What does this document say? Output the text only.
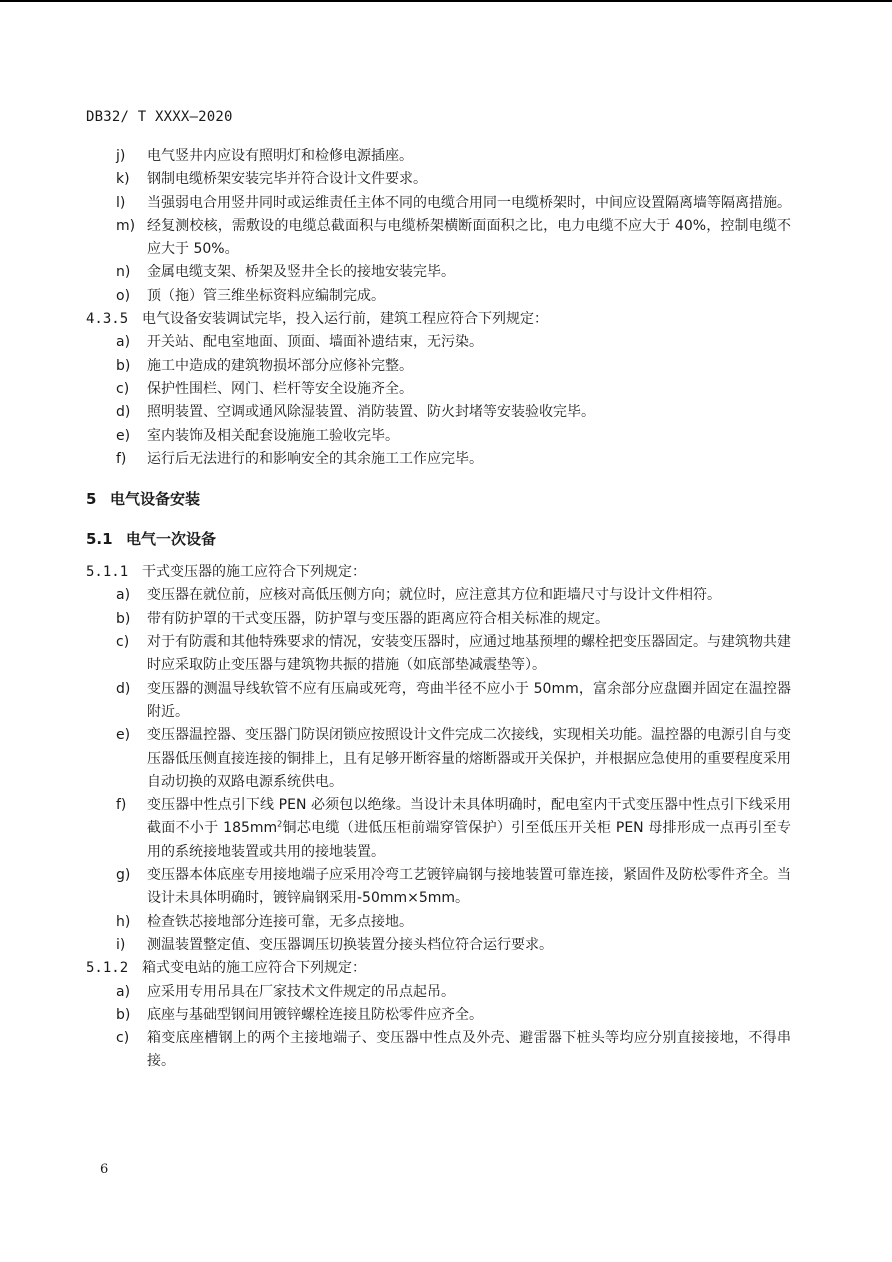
DB32/ T XXXX—2020
j) 电气竖井内应设有照明灯和检修电源插座。
k) 钢制电缆桥架安装完毕并符合设计文件要求。
l) 当强弱电合用竖井同时或运维责任主体不同的电缆合用同一电缆桥架时，中间应设置隔离墙等隔离措施。
m) 经复测校核，需敷设的电缆总截面积与电缆桥架横断面面积之比，电力电缆不应大于 40%，控制电缆不应大于 50%。
n) 金属电缆支架、桥架及竖井全长的接地安装完毕。
o) 顶（拖）管三维坐标资料应编制完成。
4.3.5 电气设备安装调试完毕，投入运行前，建筑工程应符合下列规定：
a) 开关站、配电室地面、顶面、墙面补遗结束，无污染。
b) 施工中造成的建筑物损坏部分应修补完整。
c) 保护性围栏、网门、栏杆等安全设施齐全。
d) 照明装置、空调或通风除湿装置、消防装置、防火封堵等安装验收完毕。
e) 室内装饰及相关配套设施施工验收完毕。
f) 运行后无法进行的和影响安全的其余施工工作应完毕。
5 电气设备安装
5.1 电气一次设备
5.1.1 干式变压器的施工应符合下列规定：
a) 变压器在就位前，应核对高低压侧方向；就位时，应注意其方位和距墙尺寸与设计文件相符。
b) 带有防护罩的干式变压器，防护罩与变压器的距离应符合相关标准的规定。
c) 对于有防震和其他特殊要求的情况，安装变压器时，应通过地基预埋的螺栓把变压器固定。与建筑物共建时应采取防止变压器与建筑物共振的措施（如底部垫减震垫等）。
d) 变压器的测温导线软管不应有压扁或死弯，弯曲半径不应小于 50mm，富余部分应盘圈并固定在温控器附近。
e) 变压器温控器、变压器门防误闭锁应按照设计文件完成二次接线，实现相关功能。温控器的电源引自与变压器低压侧直接连接的铜排上，且有足够开断容量的熔断器或开关保护，并根据应急使用的重要程度采用自动切换的双路电源系统供电。
f) 变压器中性点引下线 PEN 必须包以绝缘。当设计未具体明确时，配电室内干式变压器中性点引下线采用截面不小于 $185mm^2$铜芯电缆（进低压柜前端穿管保护）引至低压开关柜 PEN 母排形成一点再引至专用的系统接地装置或共用的接地装置。
g) 变压器本体底座专用接地端子应采用冷弯工艺镀锌扁钢与接地装置可靠连接，紧固件及防松零件齐全。当设计未具体明确时，镀锌扁钢采用-50mm×5mm。
h) 检查铁芯接地部分连接可靠，无多点接地。
i) 测温装置整定值、变压器调压切换装置分接头档位符合运行要求。
5.1.2 箱式变电站的施工应符合下列规定：
a) 应采用专用吊具在厂家技术文件规定的吊点起吊。
b) 底座与基础型钢间用镀锌螺栓连接且防松零件应齐全。
c) 箱变底座槽钢上的两个主接地端子、变压器中性点及外壳、避雷器下桩头等均应分别直接接地，不得串接。
6
